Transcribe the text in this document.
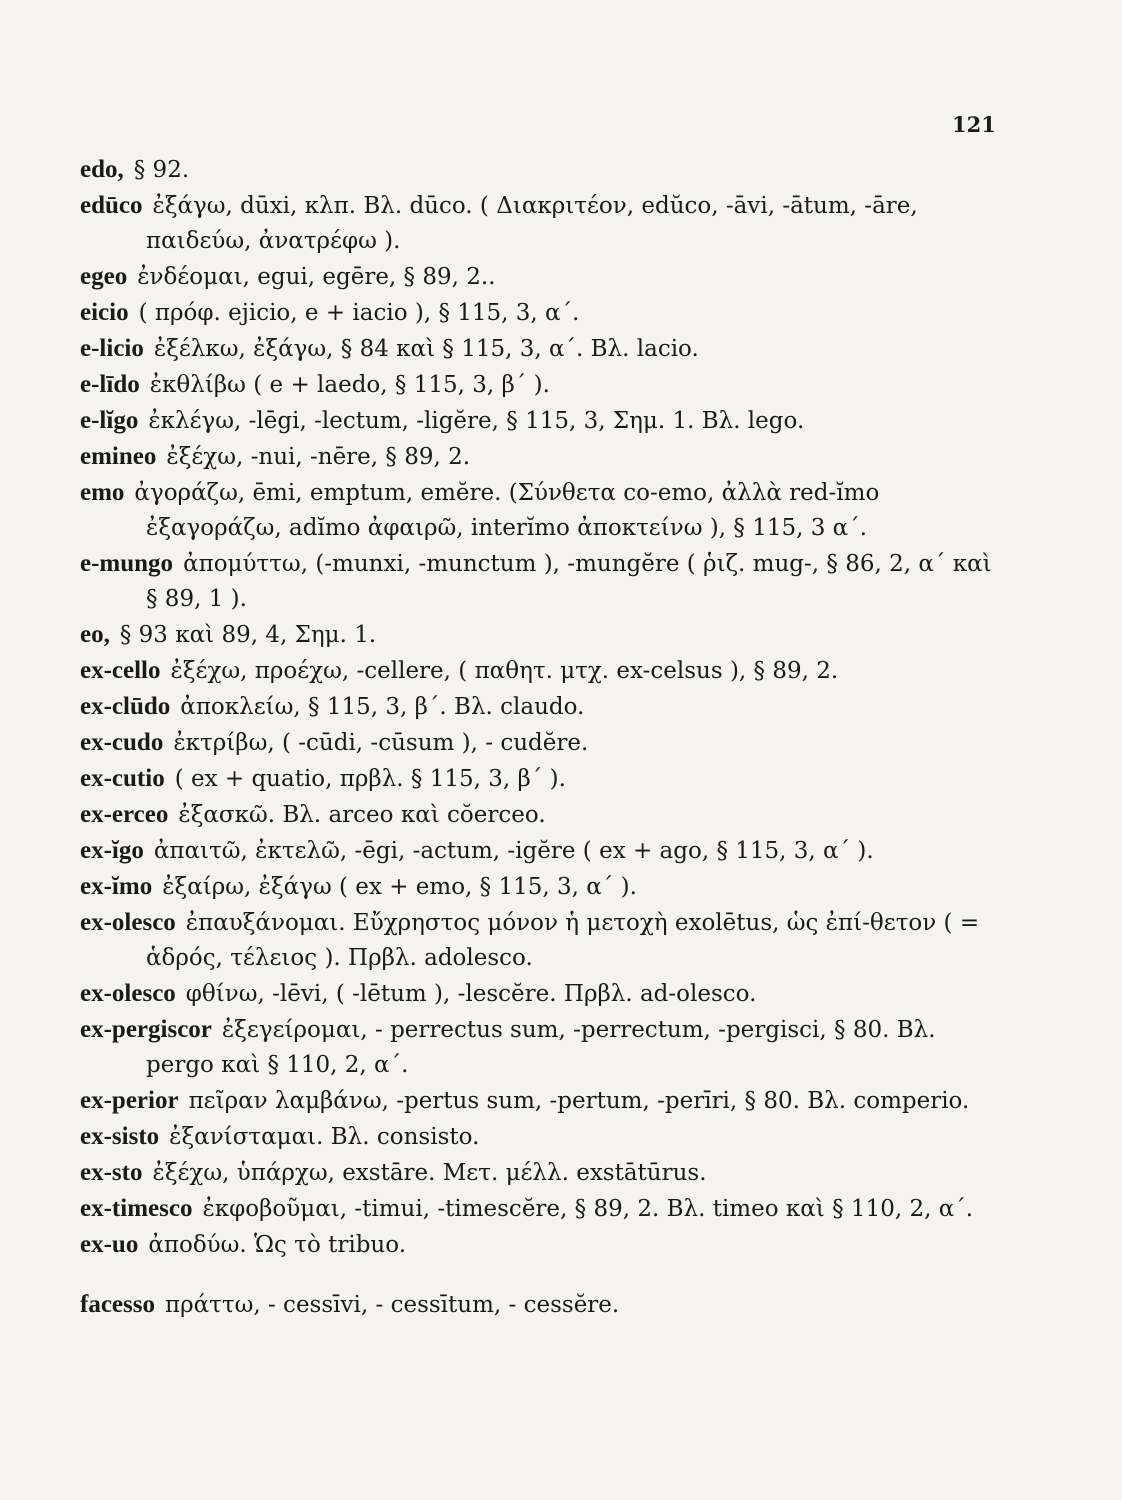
121

edo, § 92.

edūco ἐξάγω, dūxi, κλπ. Βλ. dūco. ( Διακριτέον, edŭco, -āvi, -ātum, -āre, παιδεύω, ἀνατρέφω ).

egeo ἐνδέομαι, egui, egēre, § 89, 2..

eicio ( πρόφ. ejicio, e + iacio ), § 115, 3, α΄.

e-licio ἐξέλκω, ἐξάγω, § 84 καὶ § 115, 3, α΄. Βλ. lacio.

e-līdo ἐκθλίβω ( e + laedo, § 115, 3, β΄ ).

e-lĭgo ἐκλέγω, -lēgi, -lectum, -ligĕre, § 115, 3, Σημ. 1. Βλ. lego.

emineo ἐξέχω, -nui, -nēre, § 89, 2.

emo ἀγοράζω, ēmi, emptum, emĕre. (Σύνθετα co-emo, ἀλλὰ red-ĭmo ἐξαγοράζω, adĭmo ἀφαιρῶ, interĭmo ἀποκτείνω ), § 115, 3 α΄.

e-mungo ἀπομύττω, (-munxi, -munctum ), -mungĕre ( ῥιζ. mug-, § 86, 2, α΄ καὶ § 89, 1 ).

eo, § 93 καὶ 89, 4, Σημ. 1.

ex-cello ἐξέχω, προέχω, -cellere, ( παθητ. μτχ. ex-celsus ), § 89, 2.

ex-clūdo ἀποκλείω, § 115, 3, β΄. Βλ. claudo.

ex-cudo ἐκτρίβω, ( -cūdi, -cūsum ), - cudĕre.

ex-cutio ( ex + quatio, πρβλ. § 115, 3, β΄ ).

ex-erceo ἐξασκῶ. Βλ. arceo καὶ cŏerceo.

ex-ĭgo ἀπαιτῶ, ἐκτελῶ, -ēgi, -actum, -igĕre ( ex + ago, § 115, 3, α΄ ).

ex-ĭmo ἐξαίρω, ἐξάγω ( ex + emo, § 115, 3, α΄ ).

ex-olesco ἐπαυξάνομαι. Εὔχρηστος μόνον ἡ μετοχὴ exolētus, ὡς ἐπί-θετον ( = ἁδρός, τέλειος ). Πρβλ. adolesco.

ex-olesco φθίνω, -lēvi, ( -lētum ), -lescĕre. Πρβλ. ad-olesco.

ex-pergiscor ἐξεγείρομαι, - perrectus sum, -perrectum, -pergisci, § 80. Βλ. pergo καὶ § 110, 2, α΄.

ex-perior πεῖραν λαμβάνω, -pertus sum, -pertum, -perīri, § 80. Βλ. comperio.

ex-sisto ἐξανίσταμαι. Βλ. consisto.

ex-sto ἐξέχω, ὑπάρχω, exstāre. Μετ. μέλλ. exstātūrus.

ex-timesco ἐκφοβοῦμαι, -timui, -timescĕre, § 89, 2. Βλ. timeo καὶ § 110, 2, α΄.

ex-uo ἀποδύω. Ὡς τὸ tribuo.

facesso πράττω, - cessīvi, - cessītum, - cessĕre.
